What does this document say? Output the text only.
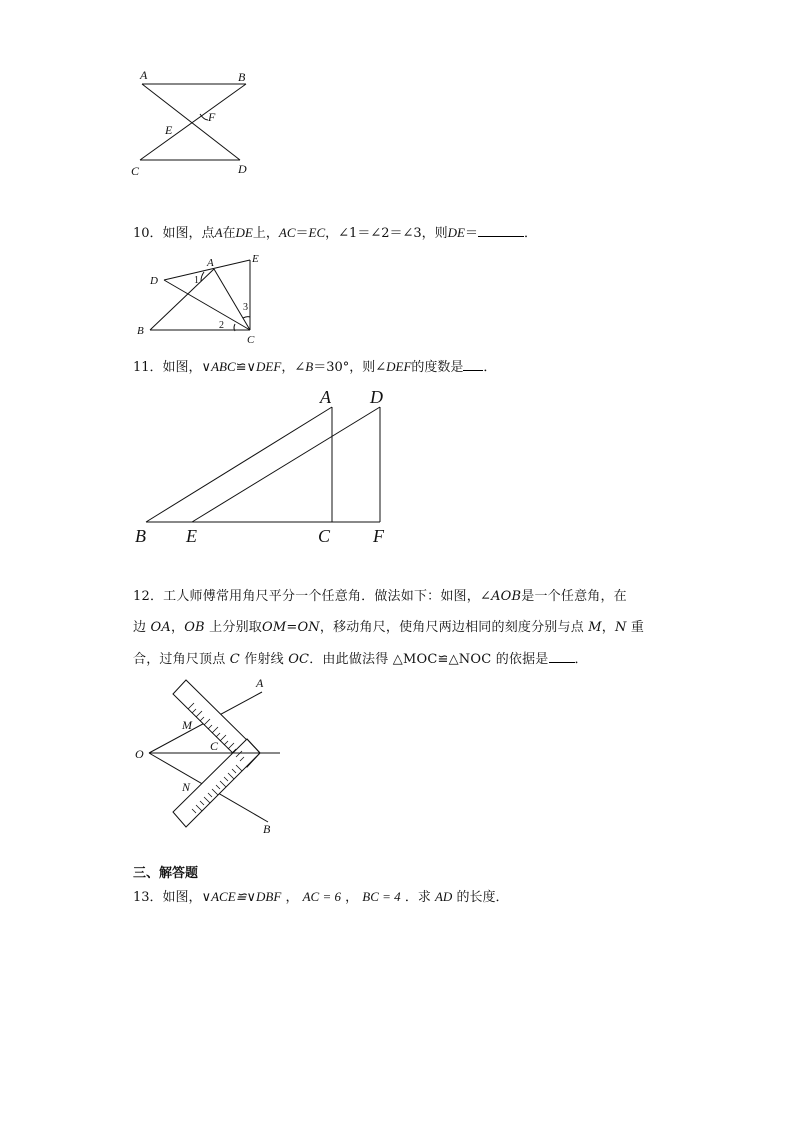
A	B
E
F
C	D
10．如图，点A在DE上，AC＝EC，∠1＝∠2＝∠3，则DE＝	．
A	E
D	1
3
2
B
C
11．如图，∨ABC≌∨DEF，∠B＝30°，则∠DEF的度数是 ．
A D
B E	C F
12．工人师傅常用角尺平分一个任意角．做法如下：如图，∠AOB是一个任意角，在
边 OA，OB 上分别取OM=ON，移动角尺，使角尺两边相同的刻度分别与点 M，N 重
合，过角尺顶点 C 作射线 OC．由此做法得 △MOC≌△NOC 的依据是 ．
A
M
C
O
N
B
三、解答题
13．如图，∨ACE≌∨DBF ， AC = 6 ， BC = 4 ．求 AD 的长度．
